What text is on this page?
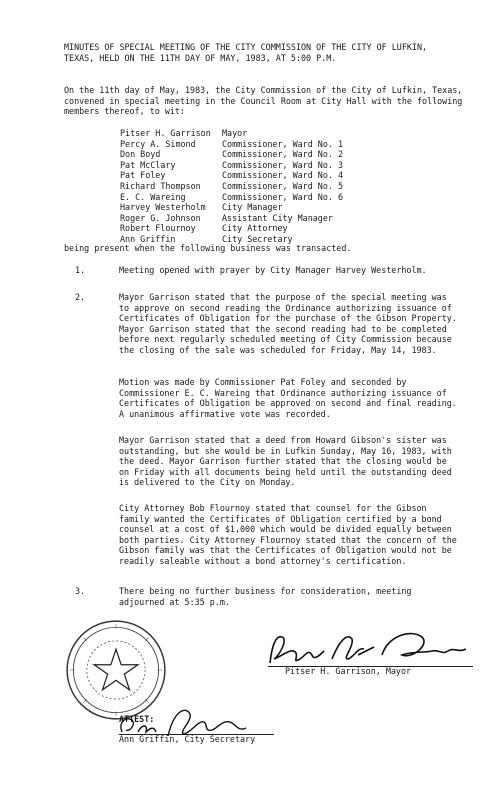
MINUTES OF SPECIAL MEETING OF THE CITY COMMISSION OF THE CITY OF LUFKIN, TEXAS, HELD ON THE 11TH DAY OF MAY, 1983, AT 5:00 P.M.

On the 11th day of May, 1983, the City Commission of the City of Lufkin, Texas, convened in special meeting in the Council Room at City Hall with the following members thereof, to wit:

Pitser H. Garrison	Mayor
Percy A. Simond	Commissioner, Ward No. 1
Don Boyd	Commissioner, Ward No. 2
Pat McClary	Commissioner, Ward No. 3
Pat Foley	Commissioner, Ward No. 4
Richard Thompson	Commissioner, Ward No. 5
E. C. Wareing	Commissioner, Ward No. 6
Harvey Westerholm	City Manager
Roger G. Johnson	Assistant City Manager
Robert Flournoy	City Attorney
Ann Griffin	City Secretary

being present when the following business was transacted.

1.	Meeting opened with prayer by City Manager Harvey Westerholm.

2.	Mayor Garrison stated that the purpose of the special meeting was to approve on second reading the Ordinance authorizing issuance of Certificates of Obligation for the purchase of the Gibson Property. Mayor Garrison stated that the second reading had to be completed before next regularly scheduled meeting of City Commission because the closing of the sale was scheduled for Friday, May 14, 1983.

Motion was made by Commissioner Pat Foley and seconded by Commissioner E. C. Wareing that Ordinance authorizing issuance of Certificates of Obligation be approved on second and final reading. A unanimous affirmative vote was recorded.

Mayor Garrison stated that a deed from Howard Gibson's sister was outstanding, but she would be in Lufkin Sunday, May 16, 1983, with the deed. Mayor Garrison further stated that the closing would be on Friday with all documents being held until the outstanding deed is delivered to the City on Monday.

City Attorney Bob Flournoy stated that counsel for the Gibson family wanted the Certificates of Obligation certified by a bond counsel at a cost of $1,000 which would be divided equally between both parties. City Attorney Flournoy stated that the concern of the Gibson family was that the Certificates of Obligation would not be readily saleable without a bond attorney's certification.

3.	There being no further business for consideration, meeting adjourned at 5:35 p.m.

Pitser H. Garrison, Mayor

ATTEST:

Ann Griffin, City Secretary
